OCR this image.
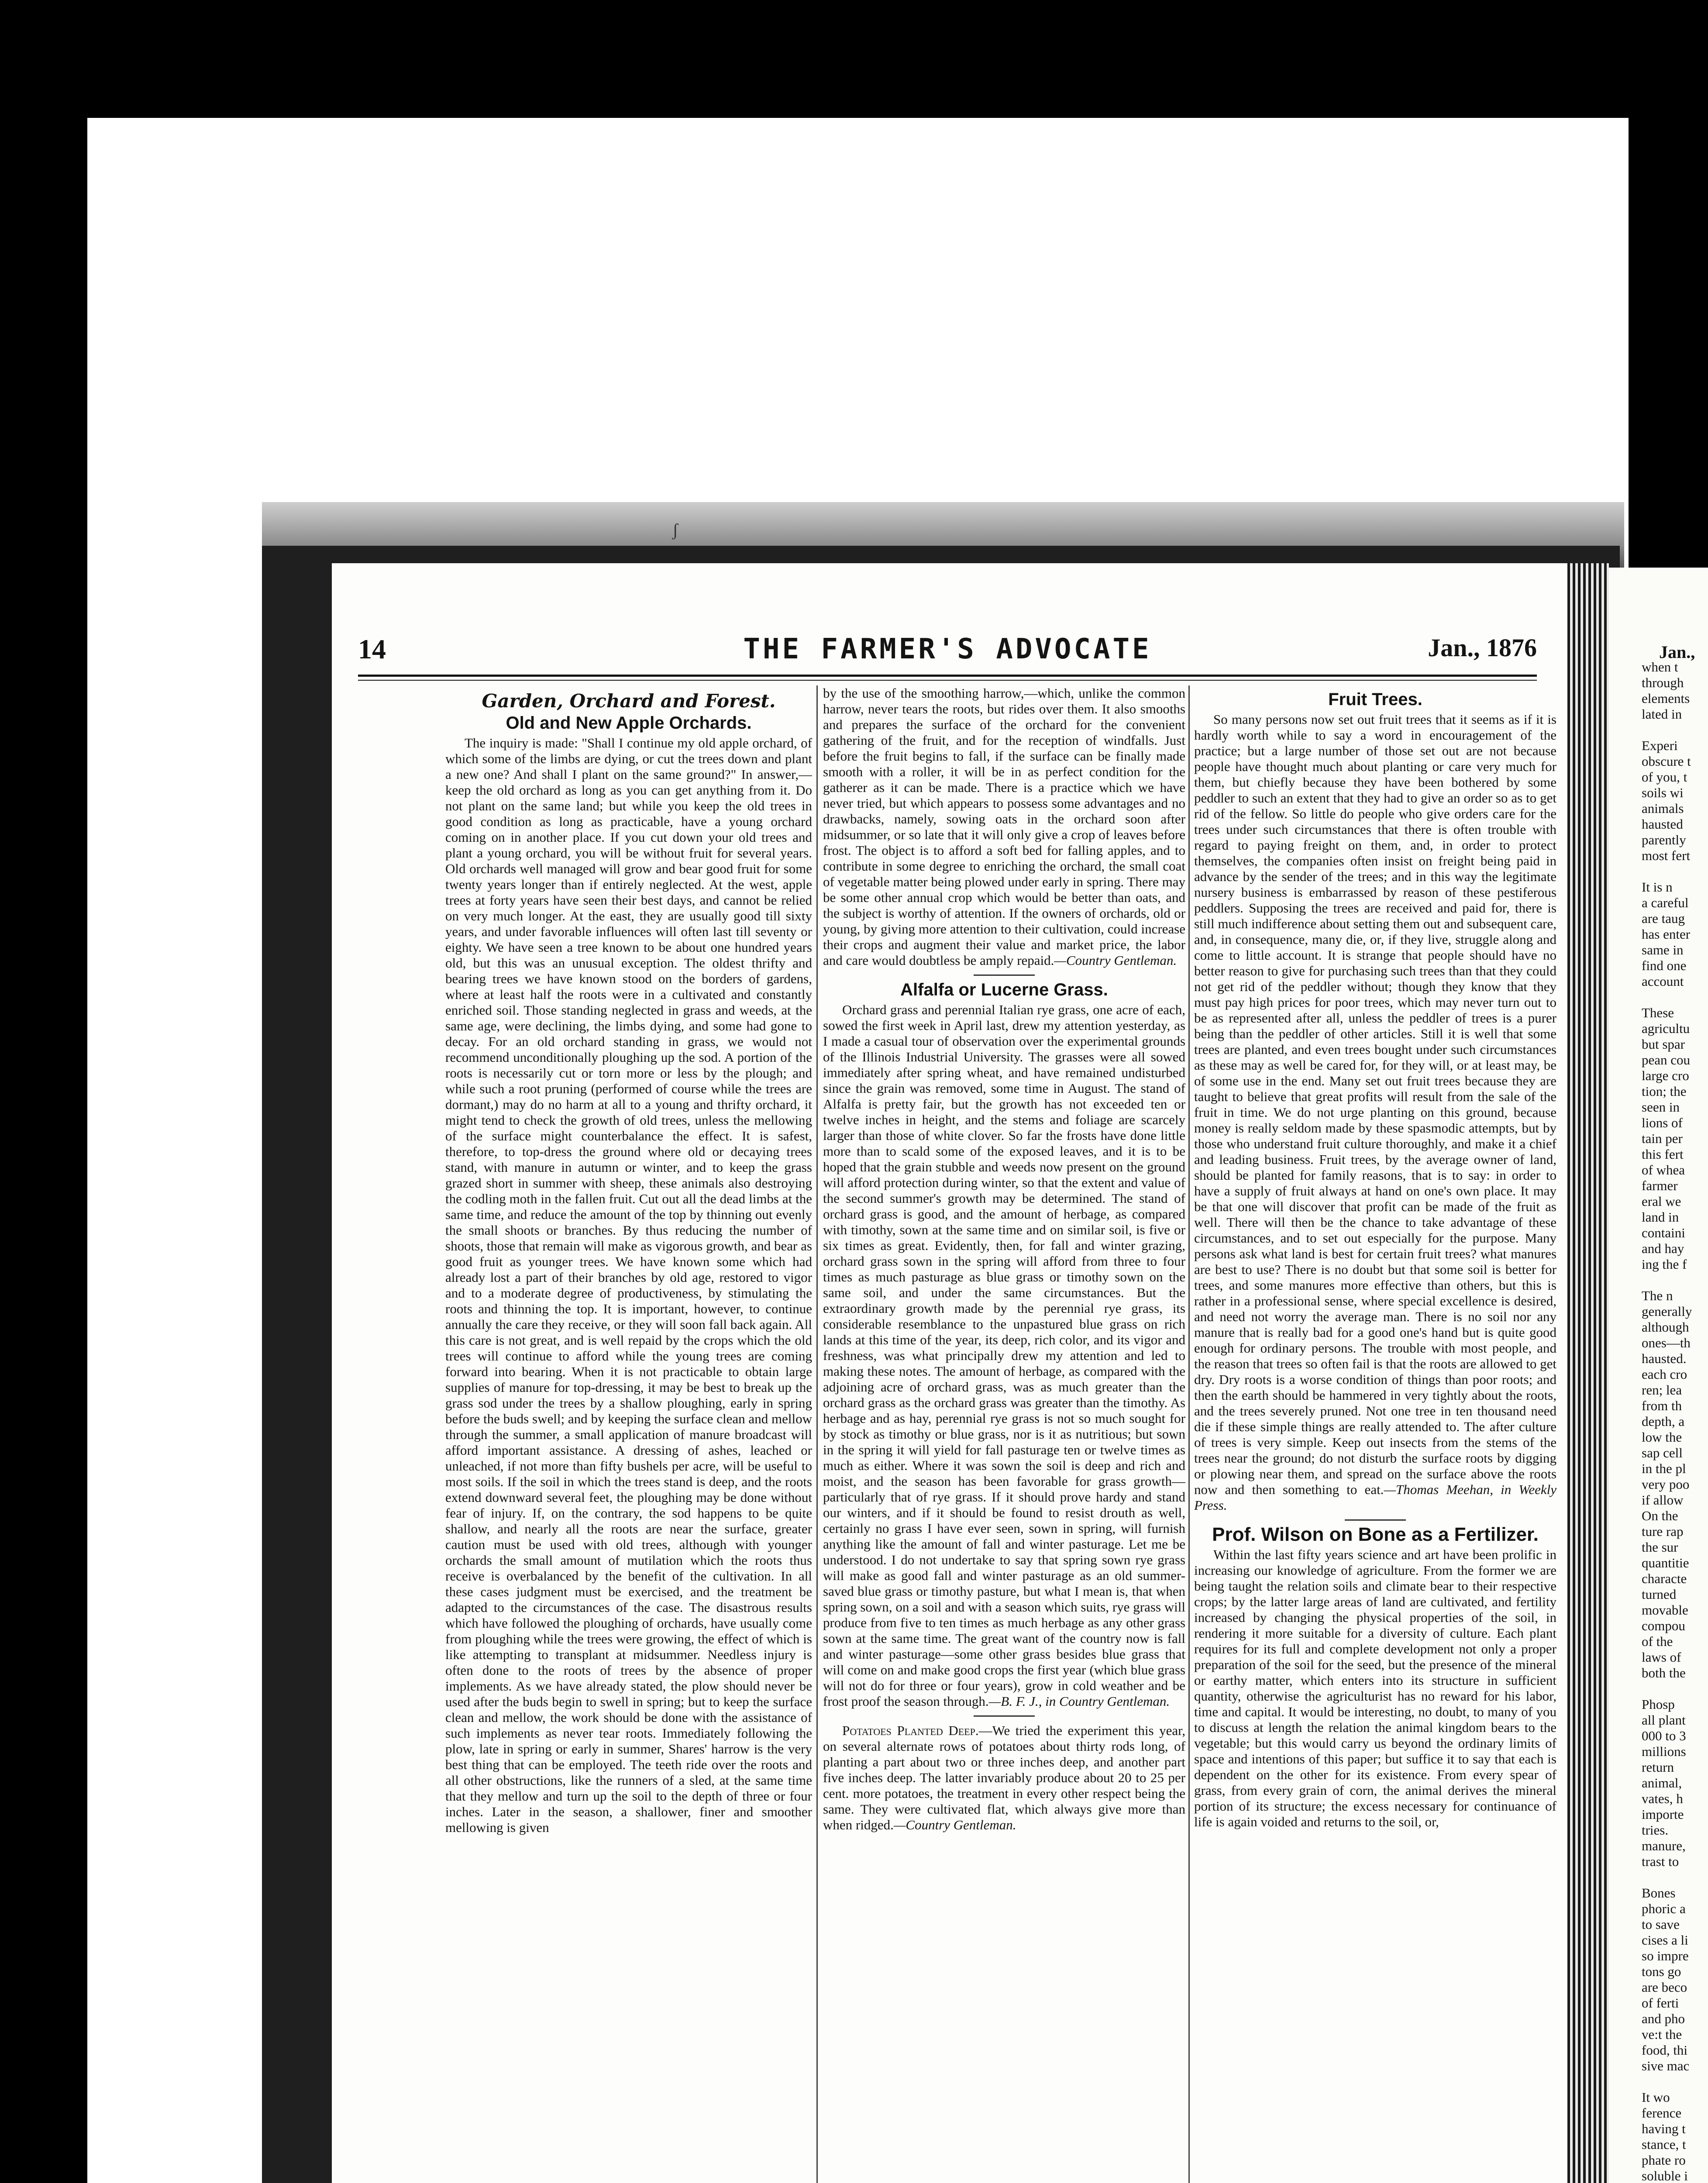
ʃ
14	THE FARMER'S ADVOCATE	Jan., 1876
Garden, Orchard and Forest.
Old and New Apple Orchards.

The inquiry is made: "Shall I continue my old apple orchard, of which some of the limbs are dying, or cut the trees down and plant a new one? And shall I plant on the same ground?" In answer,—keep the old orchard as long as you can get anything from it. Do not plant on the same land; but while you keep the old trees in good condition as long as practicable, have a young orchard coming on in another place. If you cut down your old trees and plant a young orchard, you will be without fruit for several years. Old orchards well managed will grow and bear good fruit for some twenty years longer than if entirely neglected. At the west, apple trees at forty years have seen their best days, and cannot be relied on very much longer. At the east, they are usually good till sixty years, and under favorable influences will often last till seventy or eighty. We have seen a tree known to be about one hundred years old, but this was an unusual exception. The oldest thrifty and bearing trees we have known stood on the borders of gardens, where at least half the roots were in a cultivated and constantly enriched soil. Those standing neglected in grass and weeds, at the same age, were declining, the limbs dying, and some had gone to decay. For an old orchard standing in grass, we would not recommend unconditionally ploughing up the sod. A portion of the roots is necessarily cut or torn more or less by the plough; and while such a root pruning (performed of course while the trees are dormant,) may do no harm at all to a young and thrifty orchard, it might tend to check the growth of old trees, unless the mellowing of the surface might counterbalance the effect. It is safest, therefore, to top-dress the ground where old or decaying trees stand, with manure in autumn or winter, and to keep the grass grazed short in summer with sheep, these animals also destroying the codling moth in the fallen fruit. Cut out all the dead limbs at the same time, and reduce the amount of the top by thinning out evenly the small shoots or branches. By thus reducing the number of shoots, those that remain will make as vigorous growth, and bear as good fruit as younger trees. We have known some which had already lost a part of their branches by old age, restored to vigor and to a moderate degree of productiveness, by stimulating the roots and thinning the top. It is important, however, to continue annually the care they receive, or they will soon fall back again. All this care is not great, and is well repaid by the crops which the old trees will continue to afford while the young trees are coming forward into bearing. When it is not practicable to obtain large supplies of manure for top-dressing, it may be best to break up the grass sod under the trees by a shallow ploughing, early in spring before the buds swell; and by keeping the surface clean and mellow through the summer, a small application of manure broadcast will afford important assistance. A dressing of ashes, leached or unleached, if not more than fifty bushels per acre, will be useful to most soils. If the soil in which the trees stand is deep, and the roots extend downward several feet, the ploughing may be done without fear of injury. If, on the contrary, the sod happens to be quite shallow, and nearly all the roots are near the surface, greater caution must be used with old trees, although with younger orchards the small amount of mutilation which the roots thus receive is overbalanced by the benefit of the cultivation. In all these cases judgment must be exercised, and the treatment be adapted to the circumstances of the case. The disastrous results which have followed the ploughing of orchards, have usually come from ploughing while the trees were growing, the effect of which is like attempting to transplant at midsummer. Needless injury is often done to the roots of trees by the absence of proper implements. As we have already stated, the plow should never be used after the buds begin to swell in spring; but to keep the surface clean and mellow, the work should be done with the assistance of such implements as never tear roots. Immediately following the plow, late in spring or early in summer, Shares' harrow is the very best thing that can be employed. The teeth ride over the roots and all other obstructions, like the runners of a sled, at the same time that they mellow and turn up the soil to the depth of three or four inches. Later in the season, a shallower, finer and smoother mellowing is given

by the use of the smoothing harrow,—which, unlike the common harrow, never tears the roots, but rides over them. It also smooths and prepares the surface of the orchard for the convenient gathering of the fruit, and for the reception of windfalls. Just before the fruit begins to fall, if the surface can be finally made smooth with a roller, it will be in as perfect condition for the gatherer as it can be made. There is a practice which we have never tried, but which appears to possess some advantages and no drawbacks, namely, sowing oats in the orchard soon after midsummer, or so late that it will only give a crop of leaves before frost. The object is to afford a soft bed for falling apples, and to contribute in some degree to enriching the orchard, the small coat of vegetable matter being plowed under early in spring. There may be some other annual crop which would be better than oats, and the subject is worthy of attention. If the owners of orchards, old or young, by giving more attention to their cultivation, could increase their crops and augment their value and market price, the labor and care would doubtless be amply repaid.—Country Gentleman.

Alfalfa or Lucerne Grass.

Orchard grass and perennial Italian rye grass, one acre of each, sowed the first week in April last, drew my attention yesterday, as I made a casual tour of observation over the experimental grounds of the Illinois Industrial University. The grasses were all sowed immediately after spring wheat, and have remained undisturbed since the grain was removed, some time in August. The stand of Alfalfa is pretty fair, but the growth has not exceeded ten or twelve inches in height, and the stems and foliage are scarcely larger than those of white clover. So far the frosts have done little more than to scald some of the exposed leaves, and it is to be hoped that the grain stubble and weeds now present on the ground will afford protection during winter, so that the extent and value of the second summer's growth may be determined. The stand of orchard grass is good, and the amount of herbage, as compared with timothy, sown at the same time and on similar soil, is five or six times as great. Evidently, then, for fall and winter grazing, orchard grass sown in the spring will afford from three to four times as much pasturage as blue grass or timothy sown on the same soil, and under the same circumstances. But the extraordinary growth made by the perennial rye grass, its considerable resemblance to the unpastured blue grass on rich lands at this time of the year, its deep, rich color, and its vigor and freshness, was what principally drew my attention and led to making these notes. The amount of herbage, as compared with the adjoining acre of orchard grass, was as much greater than the orchard grass as the orchard grass was greater than the timothy. As herbage and as hay, perennial rye grass is not so much sought for by stock as timothy or blue grass, nor is it as nutritious; but sown in the spring it will yield for fall pasturage ten or twelve times as much as either. Where it was sown the soil is deep and rich and moist, and the season has been favorable for grass growth—particularly that of rye grass. If it should prove hardy and stand our winters, and if it should be found to resist drouth as well, certainly no grass I have ever seen, sown in spring, will furnish anything like the amount of fall and winter pasturage. Let me be understood. I do not undertake to say that spring sown rye grass will make as good fall and winter pasturage as an old summer-saved blue grass or timothy pasture, but what I mean is, that when spring sown, on a soil and with a season which suits, rye grass will produce from five to ten times as much herbage as any other grass sown at the same time. The great want of the country now is fall and winter pasturage—some other grass besides blue grass that will come on and make good crops the first year (which blue grass will not do for three or four years), grow in cold weather and be frost proof the season through.—B. F. J., in Country Gentleman.

Potatoes Planted Deep.—We tried the experiment this year, on several alternate rows of potatoes about thirty rods long, of planting a part about two or three inches deep, and another part five inches deep. The latter invariably produce about 20 to 25 per cent. more potatoes, the treatment in every other respect being the same. They were cultivated flat, which always give more than when ridged.—Country Gentleman.

Fruit Trees.

So many persons now set out fruit trees that it seems as if it is hardly worth while to say a word in encouragement of the practice; but a large number of those set out are not because people have thought much about planting or care very much for them, but chiefly because they have been bothered by some peddler to such an extent that they had to give an order so as to get rid of the fellow. So little do people who give orders care for the trees under such circumstances that there is often trouble with regard to paying freight on them, and, in order to protect themselves, the companies often insist on freight being paid in advance by the sender of the trees; and in this way the legitimate nursery business is embarrassed by reason of these pestiferous peddlers. Supposing the trees are received and paid for, there is still much indifference about setting them out and subsequent care, and, in consequence, many die, or, if they live, struggle along and come to little account. It is strange that people should have no better reason to give for purchasing such trees than that they could not get rid of the peddler without; though they know that they must pay high prices for poor trees, which may never turn out to be as represented after all, unless the peddler of trees is a purer being than the peddler of other articles. Still it is well that some trees are planted, and even trees bought under such circumstances as these may as well be cared for, for they will, or at least may, be of some use in the end. Many set out fruit trees because they are taught to believe that great profits will result from the sale of the fruit in time. We do not urge planting on this ground, because money is really seldom made by these spasmodic attempts, but by those who understand fruit culture thoroughly, and make it a chief and leading business. Fruit trees, by the average owner of land, should be planted for family reasons, that is to say: in order to have a supply of fruit always at hand on one's own place. It may be that one will discover that profit can be made of the fruit as well. There will then be the chance to take advantage of these circumstances, and to set out especially for the purpose. Many persons ask what land is best for certain fruit trees? what manures are best to use? There is no doubt but that some soil is better for trees, and some manures more effective than others, but this is rather in a professional sense, where special excellence is desired, and need not worry the average man. There is no soil nor any manure that is really bad for a good one's hand but is quite good enough for ordinary persons. The trouble with most people, and the reason that trees so often fail is that the roots are allowed to get dry. Dry roots is a worse condition of things than poor roots; and then the earth should be hammered in very tightly about the roots, and the trees severely pruned. Not one tree in ten thousand need die if these simple things are really attended to. The after culture of trees is very simple. Keep out insects from the stems of the trees near the ground; do not disturb the surface roots by digging or plowing near them, and spread on the surface above the roots now and then something to eat.—Thomas Meehan, in Weekly Press.

Prof. Wilson on Bone as a Fertilizer.

Within the last fifty years science and art have been prolific in increasing our knowledge of agriculture. From the former we are being taught the relation soils and climate bear to their respective crops; by the latter large areas of land are cultivated, and fertility increased by changing the physical properties of the soil, in rendering it more suitable for a diversity of culture. Each plant requires for its full and complete development not only a proper preparation of the soil for the seed, but the presence of the mineral or earthy matter, which enters into its structure in sufficient quantity, otherwise the agriculturist has no reward for his labor, time and capital. It would be interesting, no doubt, to many of you to discuss at length the relation the animal kingdom bears to the vegetable; but this would carry us beyond the ordinary limits of space and intentions of this paper; but suffice it to say that each is dependent on the other for its existence. From every spear of grass, from every grain of corn, the animal derives the mineral portion of its structure; the excess necessary for continuance of life is again voided and returns to the soil, or,

Jan.,
when t
through
elements
lated in

Experi
obscure t
of you, t
soils wi
animals
hausted
parently
most fert

It is n
a careful
are taug
has enter
same in
find one
account

These
agricultu
but spar
pean cou
large cro
tion; the
seen in
lions of
tain per
this fert
of whea
farmer
eral we
land in
containi
and hay
ing the f

The n
generally
although
ones—th
hausted.
each cro
ren; lea
from th
depth, a
low the
sap cell
in the pl
very poo
if allow
On the
ture rap
the sur
quantitie
characte
turned
movable
compou
of the
laws of
both the

Phosp
all plant
000 to 3
millions
return
animal,
vates, h
importe
tries.
manure,
trast to

Bones
phoric a
to save
cises a li
so impre
tons go
are beco
of ferti
and pho
ve:t the
food, thi
sive mac

It wo
ference
having t
stance, t
phate ro
soluble i
